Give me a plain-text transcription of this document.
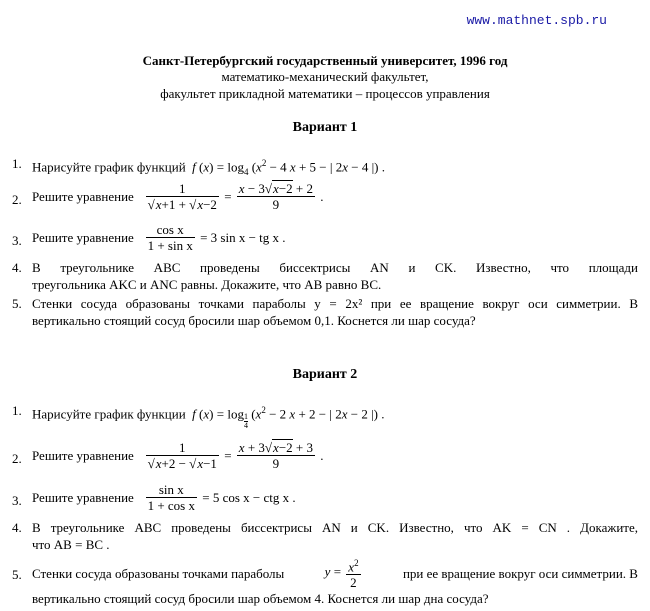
www.mathnet.spb.ru
Санкт-Петербургский государственный университет, 1996 год
математико-механический факультет,
факультет прикладной математики – процессов управления
Вариант 1
1. Нарисуйте график функций f $(x) = \log_4 (x^2 - 4$ x + 5 − | 2x − 4 |) .
2. Решите уравнение $\frac{1}{√x+1 + √x-2} = \frac{x - 3√x-2 + 2}{9}$ .
3. Решите уравнение $\frac{\text{cos x}}{\text{1 + sin x}} = 3$ sin x − tg x .
4. В треугольнике ABC проведены биссектрисы AN и CK. Известно, что площади
треугольника AKC и ANC равны. Докажите, что AB равно BC.
5. Стенки сосуда образованы точками параболы y = 2x² при ее вращение вокруг оси симметрии. В
вертикально стоящий сосуд бросили шар объемом 0,1. Коснется ли шар сосуда?
Вариант 2
1. Нарисуйте график функции f (x) = log $_{\frac{1}{4}}$ ($x^2 - 2$ x + 2 − | 2x − 2 |) .
2. Решите уравнение $\frac{1}{√x+2 - √x-1} = \frac{x + 3√x-2 + 3}{9}$ .
3. Решите уравнение $\frac{\text{sin x}}{\text{1 + cos x}} = 5$ cos x − ctg x .
4. В треугольнике ABC проведены биссектрисы AN и CK. Известно, что AK = CN . Докажите,
что AB = BC .
5. Стенки сосуда образованы точками параболы	$y = \frac{x^2}{2}$	при ее вращение вокруг оси симметрии. В
вертикально стоящий сосуд бросили шар объемом 4. Коснется ли шар дна сосуда?
